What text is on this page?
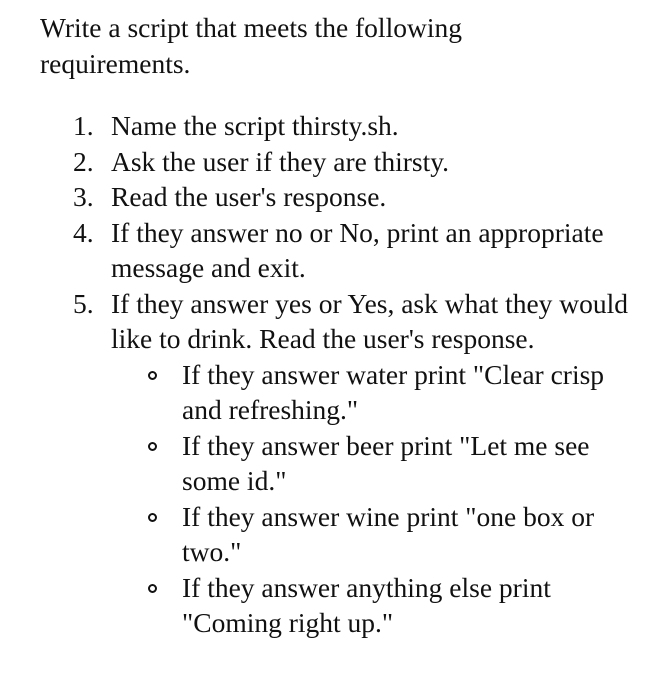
Write a script that meets the following requirements.

1. Name the script thirsty.sh.
2. Ask the user if they are thirsty.
3. Read the user's response.
4. If they answer no or No, print an appropriate message and exit.
5. If they answer yes or Yes, ask what they would like to drink. Read the user's response.
If they answer water print "Clear crisp and refreshing."
If they answer beer print "Let me see some id."
If they answer wine print "one box or two."
If they answer anything else print "Coming right up."
